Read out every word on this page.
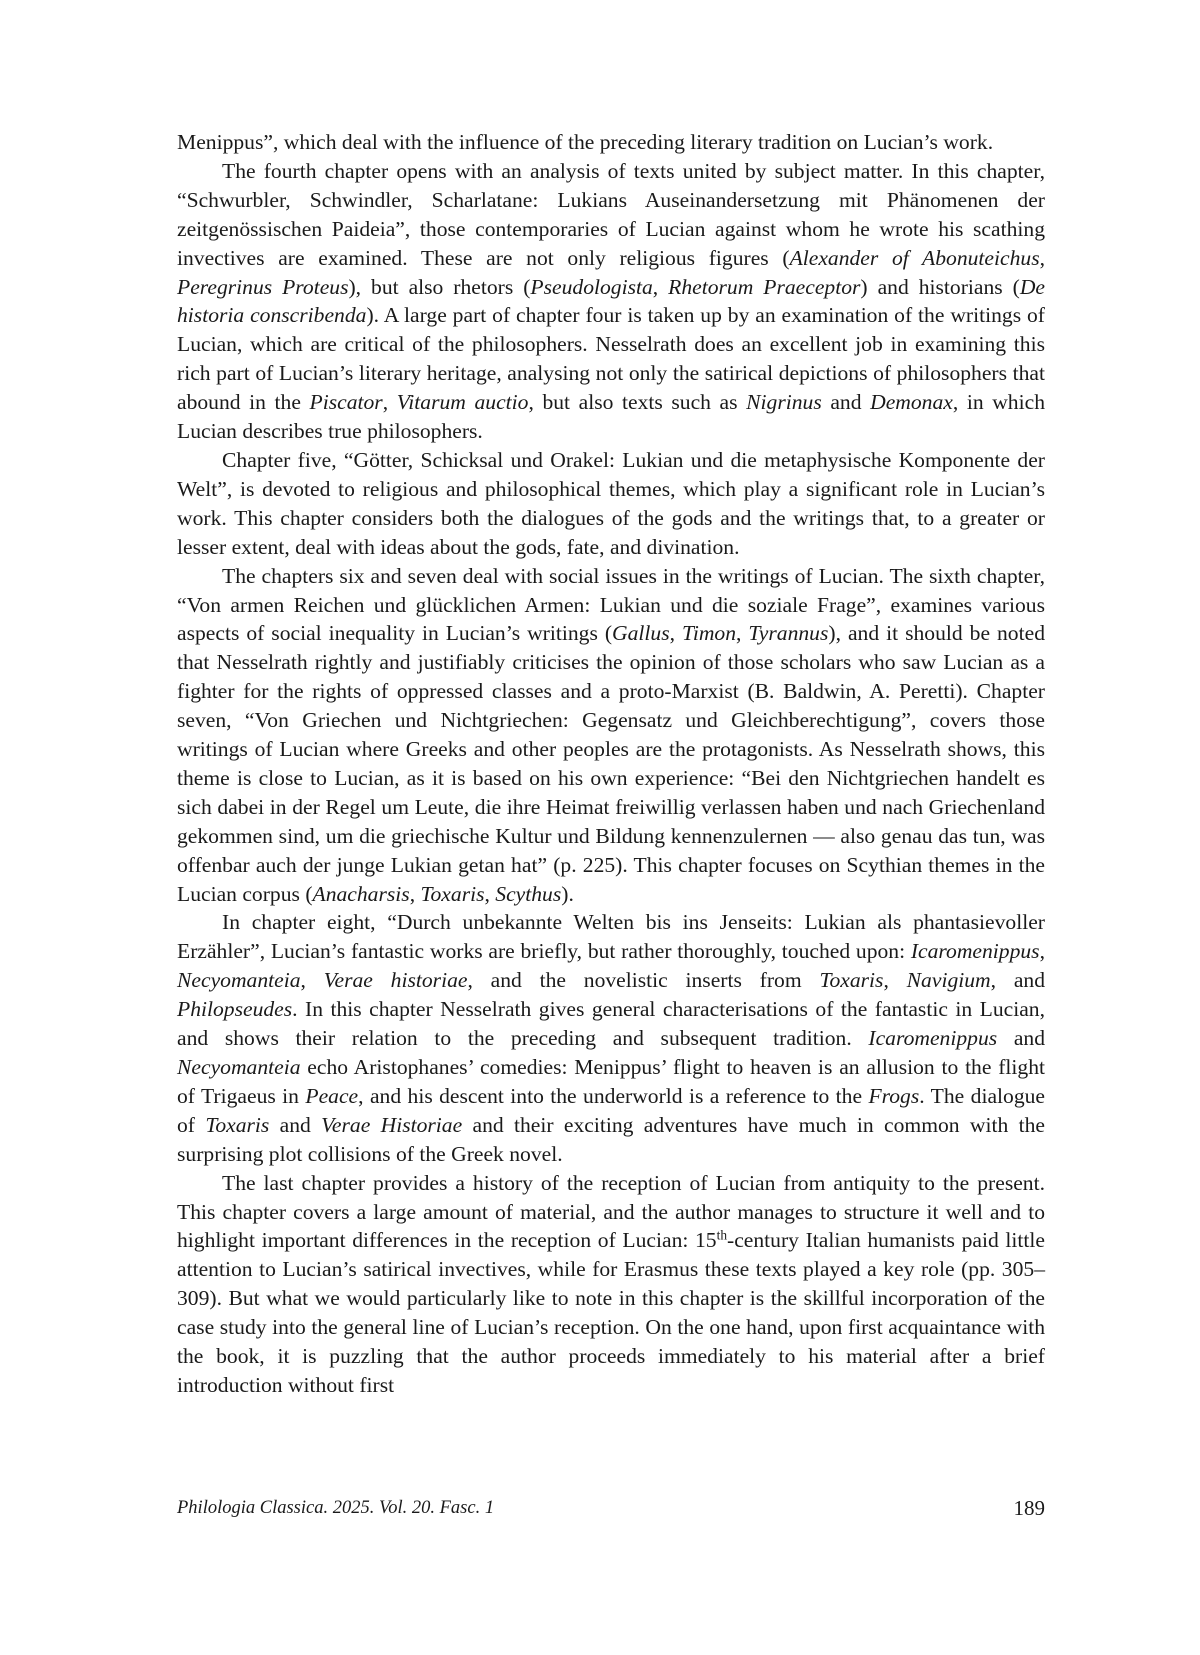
Menippus”, which deal with the influence of the preceding literary tradition on Lucian’s work.

The fourth chapter opens with an analysis of texts united by subject matter. In this chapter, “Schwurbler, Schwindler, Scharlatane: Lukians Auseinandersetzung mit Phänomenen der zeitgenössischen Paideia”, those contemporaries of Lucian against whom he wrote his scathing invectives are examined. These are not only religious figures (Alexander of Abonuteichus, Peregrinus Proteus), but also rhetors (Pseudologista, Rhetorum Praeceptor) and historians (De historia conscribenda). A large part of chapter four is taken up by an examination of the writings of Lucian, which are critical of the philosophers. Nesselrath does an excellent job in examining this rich part of Lucian’s literary heritage, analysing not only the satirical depictions of philosophers that abound in the Piscator, Vitarum auctio, but also texts such as Nigrinus and Demonax, in which Lucian describes true philosophers.

Chapter five, “Götter, Schicksal und Orakel: Lukian und die metaphysische Komponente der Welt”, is devoted to religious and philosophical themes, which play a significant role in Lucian’s work. This chapter considers both the dialogues of the gods and the writings that, to a greater or lesser extent, deal with ideas about the gods, fate, and divination.

The chapters six and seven deal with social issues in the writings of Lucian. The sixth chapter, “Von armen Reichen und glücklichen Armen: Lukian und die soziale Frage”, examines various aspects of social inequality in Lucian’s writings (Gallus, Timon, Tyrannus), and it should be noted that Nesselrath rightly and justifiably criticises the opinion of those scholars who saw Lucian as a fighter for the rights of oppressed classes and a proto-Marxist (B. Baldwin, A. Peretti). Chapter seven, “Von Griechen und Nichtgriechen: Gegensatz und Gleichberechtigung”, covers those writings of Lucian where Greeks and other peoples are the protagonists. As Nesselrath shows, this theme is close to Lucian, as it is based on his own experience: “Bei den Nichtgriechen handelt es sich dabei in der Regel um Leute, die ihre Heimat freiwillig verlassen haben und nach Griechenland gekommen sind, um die griechische Kultur und Bildung kennenzulernen — also genau das tun, was offenbar auch der junge Lukian getan hat” (p. 225). This chapter focuses on Scythian themes in the Lucian corpus (Anacharsis, Toxaris, Scythus).

In chapter eight, “Durch unbekannte Welten bis ins Jenseits: Lukian als phantasievoller Erzähler”, Lucian’s fantastic works are briefly, but rather thoroughly, touched upon: Icaromenippus, Necyomanteia, Verae historiae, and the novelistic inserts from Toxaris, Navigium, and Philopseudes. In this chapter Nesselrath gives general characterisations of the fantastic in Lucian, and shows their relation to the preceding and subsequent tradition. Icaromenippus and Necyomanteia echo Aristophanes’ comedies: Menippus’ flight to heaven is an allusion to the flight of Trigaeus in Peace, and his descent into the underworld is a reference to the Frogs. The dialogue of Toxaris and Verae Historiae and their exciting adventures have much in common with the surprising plot collisions of the Greek novel.

The last chapter provides a history of the reception of Lucian from antiquity to the present. This chapter covers a large amount of material, and the author manages to structure it well and to highlight important differences in the reception of Lucian: 15th-century Italian humanists paid little attention to Lucian’s satirical invectives, while for Erasmus these texts played a key role (pp. 305–309). But what we would particularly like to note in this chapter is the skillful incorporation of the case study into the general line of Lucian’s reception. On the one hand, upon first acquaintance with the book, it is puzzling that the author proceeds immediately to his material after a brief introduction without first

Philologia Classica. 2025. Vol. 20. Fasc. 1	189
